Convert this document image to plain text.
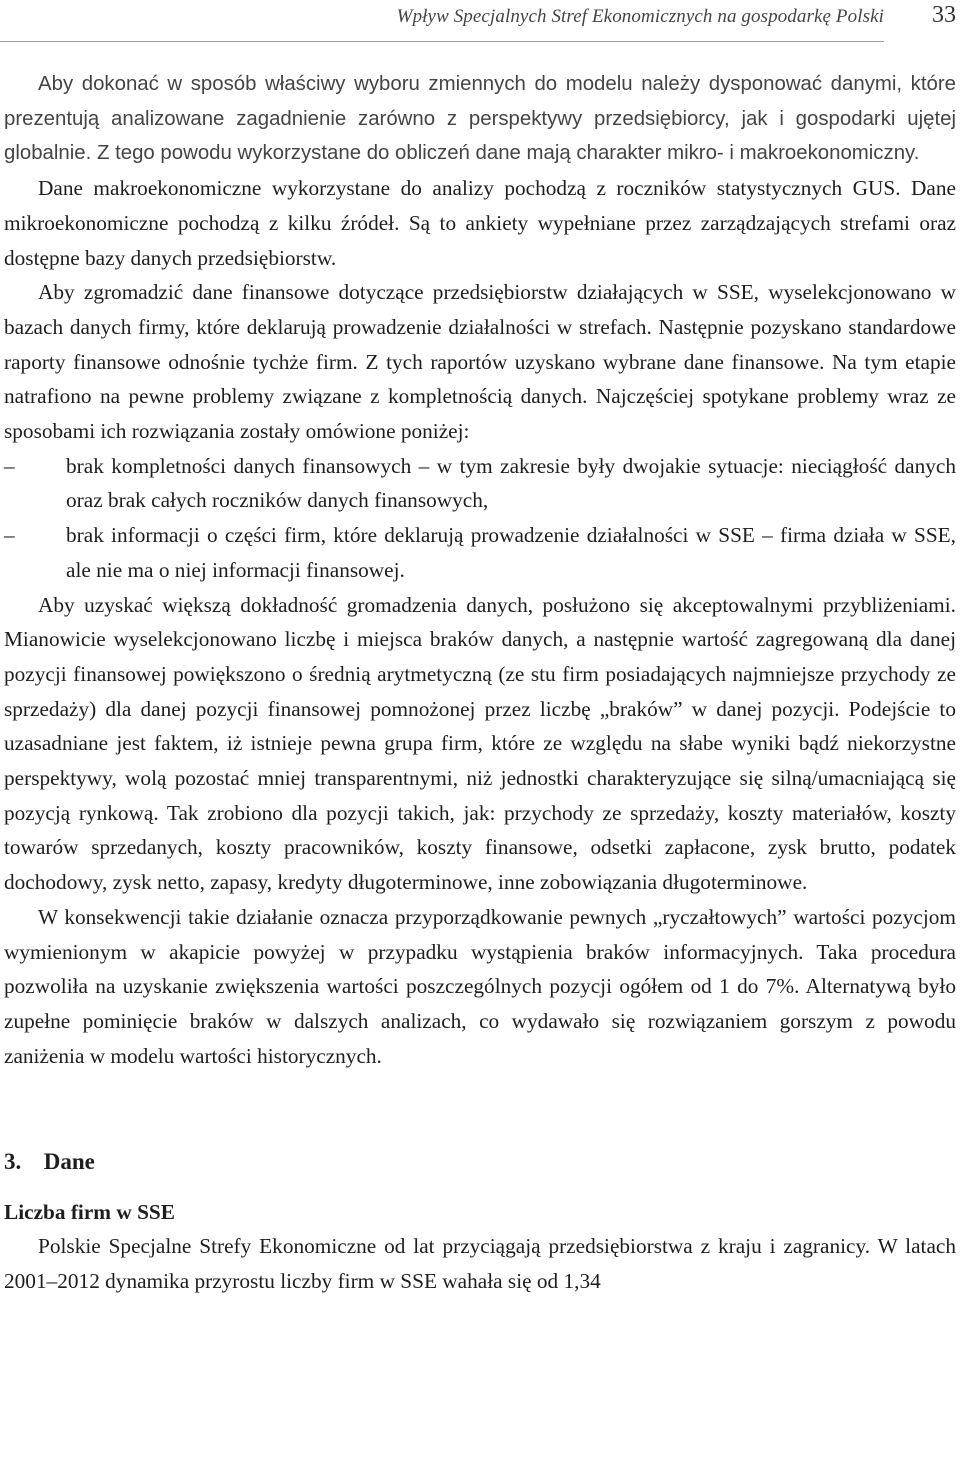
Wpływ Specjalnych Stref Ekonomicznych na gospodarkę Polski 33

Aby dokonać w sposób właściwy wyboru zmiennych do modelu należy dysponować danymi, które prezentują analizowane zagadnienie zarówno z perspektywy przedsiębiorcy, jak i gospodarki ujętej globalnie. Z tego powodu wykorzystane do obliczeń dane mają charakter mikro- i makroekonomiczny.

Dane makroekonomiczne wykorzystane do analizy pochodzą z roczników statystycznych GUS. Dane mikroekonomiczne pochodzą z kilku źródeł. Są to ankiety wypełniane przez zarządzających strefami oraz dostępne bazy danych przedsiębiorstw.

Aby zgromadzić dane finansowe dotyczące przedsiębiorstw działających w SSE, wyselekcjonowano w bazach danych firmy, które deklarują prowadzenie działalności w strefach. Następnie pozyskano standardowe raporty finansowe odnośnie tychże firm. Z tych raportów uzyskano wybrane dane finansowe. Na tym etapie natrafiono na pewne problemy związane z kompletnością danych. Najczęściej spotykane problemy wraz ze sposobami ich rozwiązania zostały omówione poniżej:

– brak kompletności danych finansowych – w tym zakresie były dwojakie sytuacje: nieciągłość danych oraz brak całych roczników danych finansowych,
– brak informacji o części firm, które deklarują prowadzenie działalności w SSE – firma działa w SSE, ale nie ma o niej informacji finansowej.

Aby uzyskać większą dokładność gromadzenia danych, posłużono się akceptowalnymi przybliżeniami. Mianowicie wyselekcjonowano liczbę i miejsca braków danych, a następnie wartość zagregowaną dla danej pozycji finansowej powiększono o średnią arytmetyczną (ze stu firm posiadających najmniejsze przychody ze sprzedaży) dla danej pozycji finansowej pomnożonej przez liczbę „braków” w danej pozycji. Podejście to uzasadniane jest faktem, iż istnieje pewna grupa firm, które ze względu na słabe wyniki bądź niekorzystne perspektywy, wolą pozostać mniej transparentnymi, niż jednostki charakteryzujące się silną/umacniającą się pozycją rynkową. Tak zrobiono dla pozycji takich, jak: przychody ze sprzedaży, koszty materiałów, koszty towarów sprzedanych, koszty pracowników, koszty finansowe, odsetki zapłacone, zysk brutto, podatek dochodowy, zysk netto, zapasy, kredyty długoterminowe, inne zobowiązania długoterminowe.

W konsekwencji takie działanie oznacza przyporządkowanie pewnych „ryczałtowych” wartości pozycjom wymienionym w akapicie powyżej w przypadku wystąpienia braków informacyjnych. Taka procedura pozwoliła na uzyskanie zwiększenia wartości poszczególnych pozycji ogółem od 1 do 7%. Alternatywą było zupełne pominięcie braków w dalszych analizach, co wydawało się rozwiązaniem gorszym z powodu zaniżenia w modelu wartości historycznych.

3. Dane
Liczba firm w SSE

Polskie Specjalne Strefy Ekonomiczne od lat przyciągają przedsiębiorstwa z kraju i zagranicy. W latach 2001–2012 dynamika przyrostu liczby firm w SSE wahała się od 1,34
